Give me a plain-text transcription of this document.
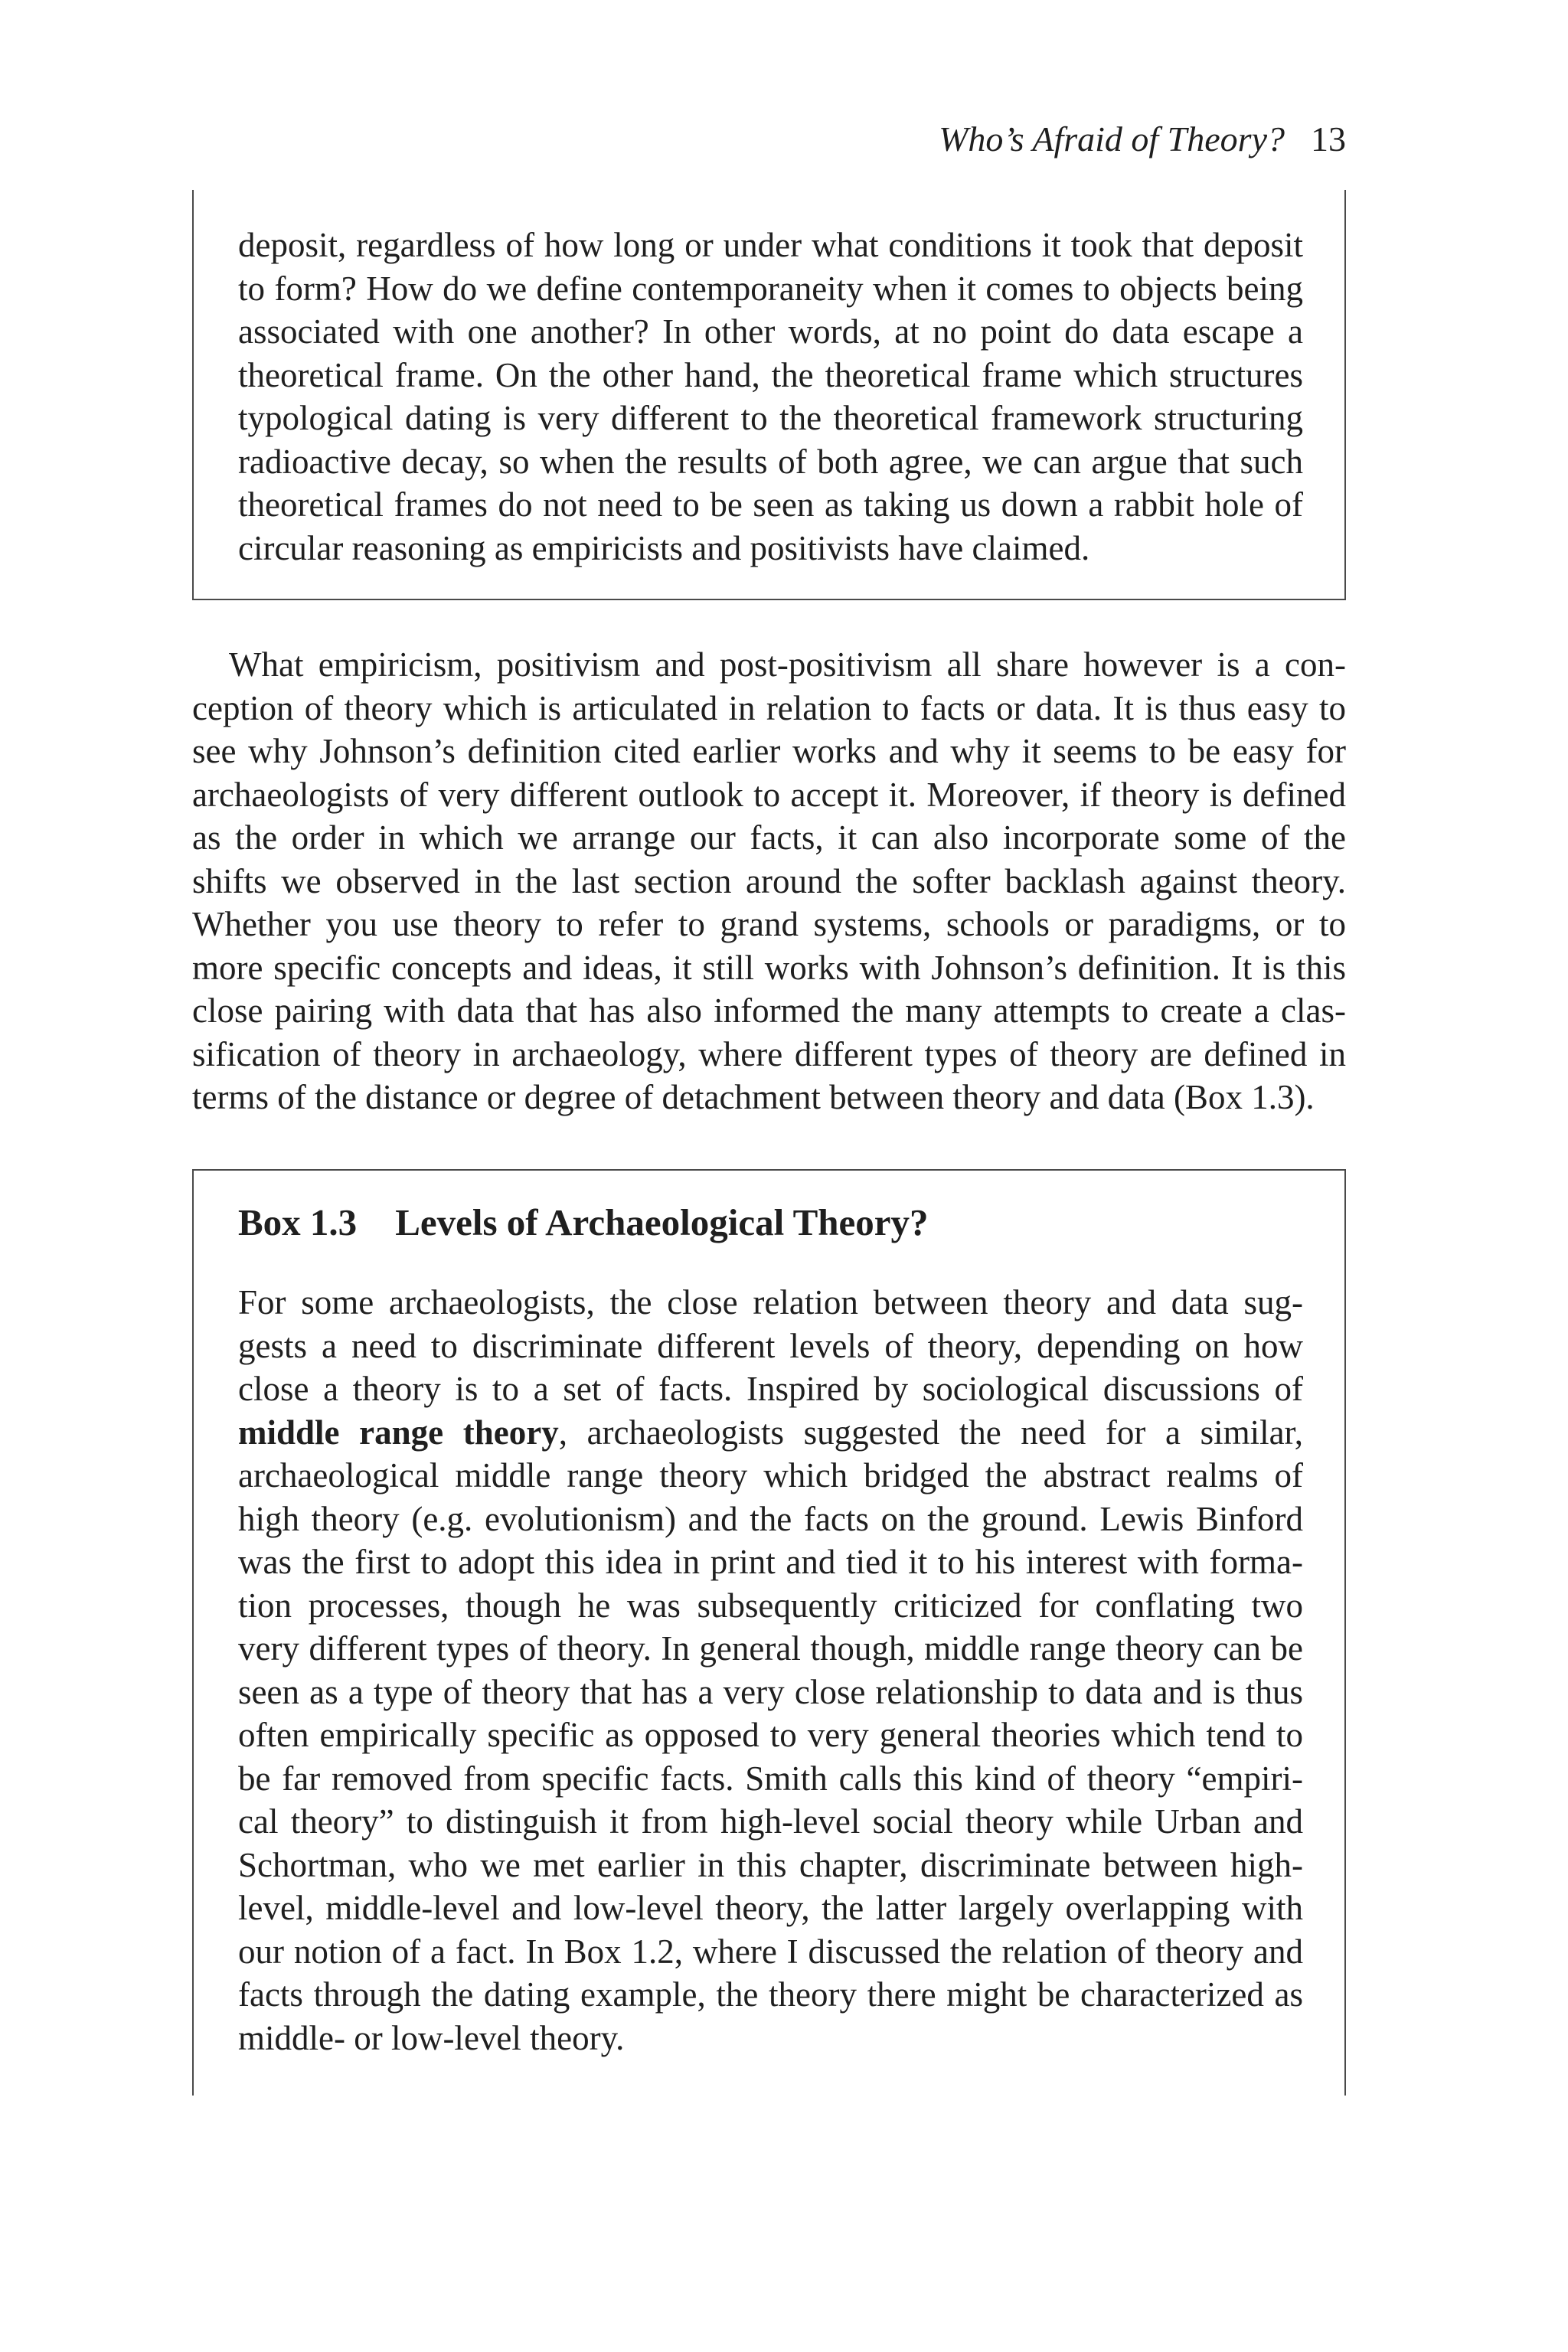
Who’s Afraid of Theory? 13
deposit, regardless of how long or under what conditions it took that deposit
to form? How do we define contemporaneity when it comes to objects being
associated with one another? In other words, at no point do data escape a
theoretical frame. On the other hand, the theoretical frame which structures
typological dating is very different to the theoretical framework structuring
radioactive decay, so when the results of both agree, we can argue that such
theoretical frames do not need to be seen as taking us down a rabbit hole of
circular reasoning as empiricists and positivists have claimed.
What empiricism, positivism and post-positivism all share however is a con-
ception of theory which is articulated in relation to facts or data. It is thus easy to
see why Johnson’s definition cited earlier works and why it seems to be easy for
archaeologists of very different outlook to accept it. Moreover, if theory is defined
as the order in which we arrange our facts, it can also incorporate some of the
shifts we observed in the last section around the softer backlash against theory.
Whether you use theory to refer to grand systems, schools or paradigms, or to
more specific concepts and ideas, it still works with Johnson’s definition. It is this
close pairing with data that has also informed the many attempts to create a clas-
sification of theory in archaeology, where different types of theory are defined in
terms of the distance or degree of detachment between theory and data (Box 1.3).
Box 1.3 Levels of Archaeological Theory?
For some archaeologists, the close relation between theory and data sug-
gests a need to discriminate different levels of theory, depending on how
close a theory is to a set of facts. Inspired by sociological discussions of
middle range theory, archaeologists suggested the need for a similar,
archaeological middle range theory which bridged the abstract realms of
high theory (e.g. evolutionism) and the facts on the ground. Lewis Binford
was the first to adopt this idea in print and tied it to his interest with forma-
tion processes, though he was subsequently criticized for conflating two
very different types of theory. In general though, middle range theory can be
seen as a type of theory that has a very close relationship to data and is thus
often empirically specific as opposed to very general theories which tend to
be far removed from specific facts. Smith calls this kind of theory “empiri-
cal theory” to distinguish it from high-level social theory while Urban and
Schortman, who we met earlier in this chapter, discriminate between high-
level, middle-level and low-level theory, the latter largely overlapping with
our notion of a fact. In Box 1.2, where I discussed the relation of theory and
facts through the dating example, the theory there might be characterized as
middle- or low-level theory.
